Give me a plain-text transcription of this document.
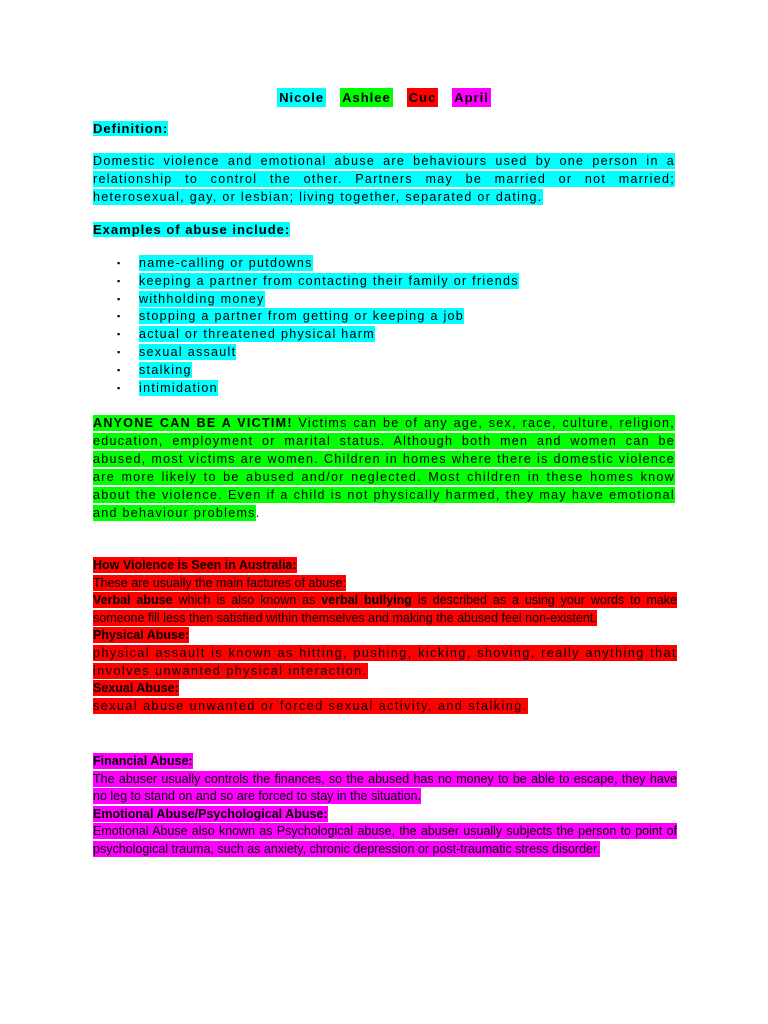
Nicole Ashlee Cuc April
Definition:

Domestic violence and emotional abuse are behaviours used by one person in a relationship to control the other. Partners may be married or not married; heterosexual, gay, or lesbian; living together, separated or dating.

Examples of abuse include:
▪ name-calling or putdowns
▪ keeping a partner from contacting their family or friends
▪ withholding money
▪ stopping a partner from getting or keeping a job
▪ actual or threatened physical harm
▪ sexual assault
▪ stalking
▪ intimidation

ANYONE CAN BE A VICTIM! Victims can be of any age, sex, race, culture, religion, education, employment or marital status. Although both men and women can be abused, most victims are women. Children in homes where there is domestic violence are more likely to be abused and/or neglected. Most children in these homes know about the violence. Even if a child is not physically harmed, they may have emotional and behaviour problems.

How Violence is Seen in Australia:

These are usually the main factures of abuse:

Verbal abuse which is also known as verbal bullying is described as a using your words to make someone fill less then satisfied within themselves and making the abused feel non-existent.

Physical Abuse:

physical assault is known as hitting, pushing, kicking, shoving, really anything that involves unwanted physical interaction.

Sexual Abuse:

sexual abuse unwanted or forced sexual activity, and stalking.

Financial Abuse:

The abuser usually controls the finances, so the abused has no money to be able to escape, they have no leg to stand on and so are forced to stay in the situation.

Emotional Abuse/Psychological Abuse:

Emotional Abuse also known as Psychological abuse, the abuser usually subjects the person to point of psychological trauma, such as anxiety, chronic depression or post-traumatic stress disorder.
